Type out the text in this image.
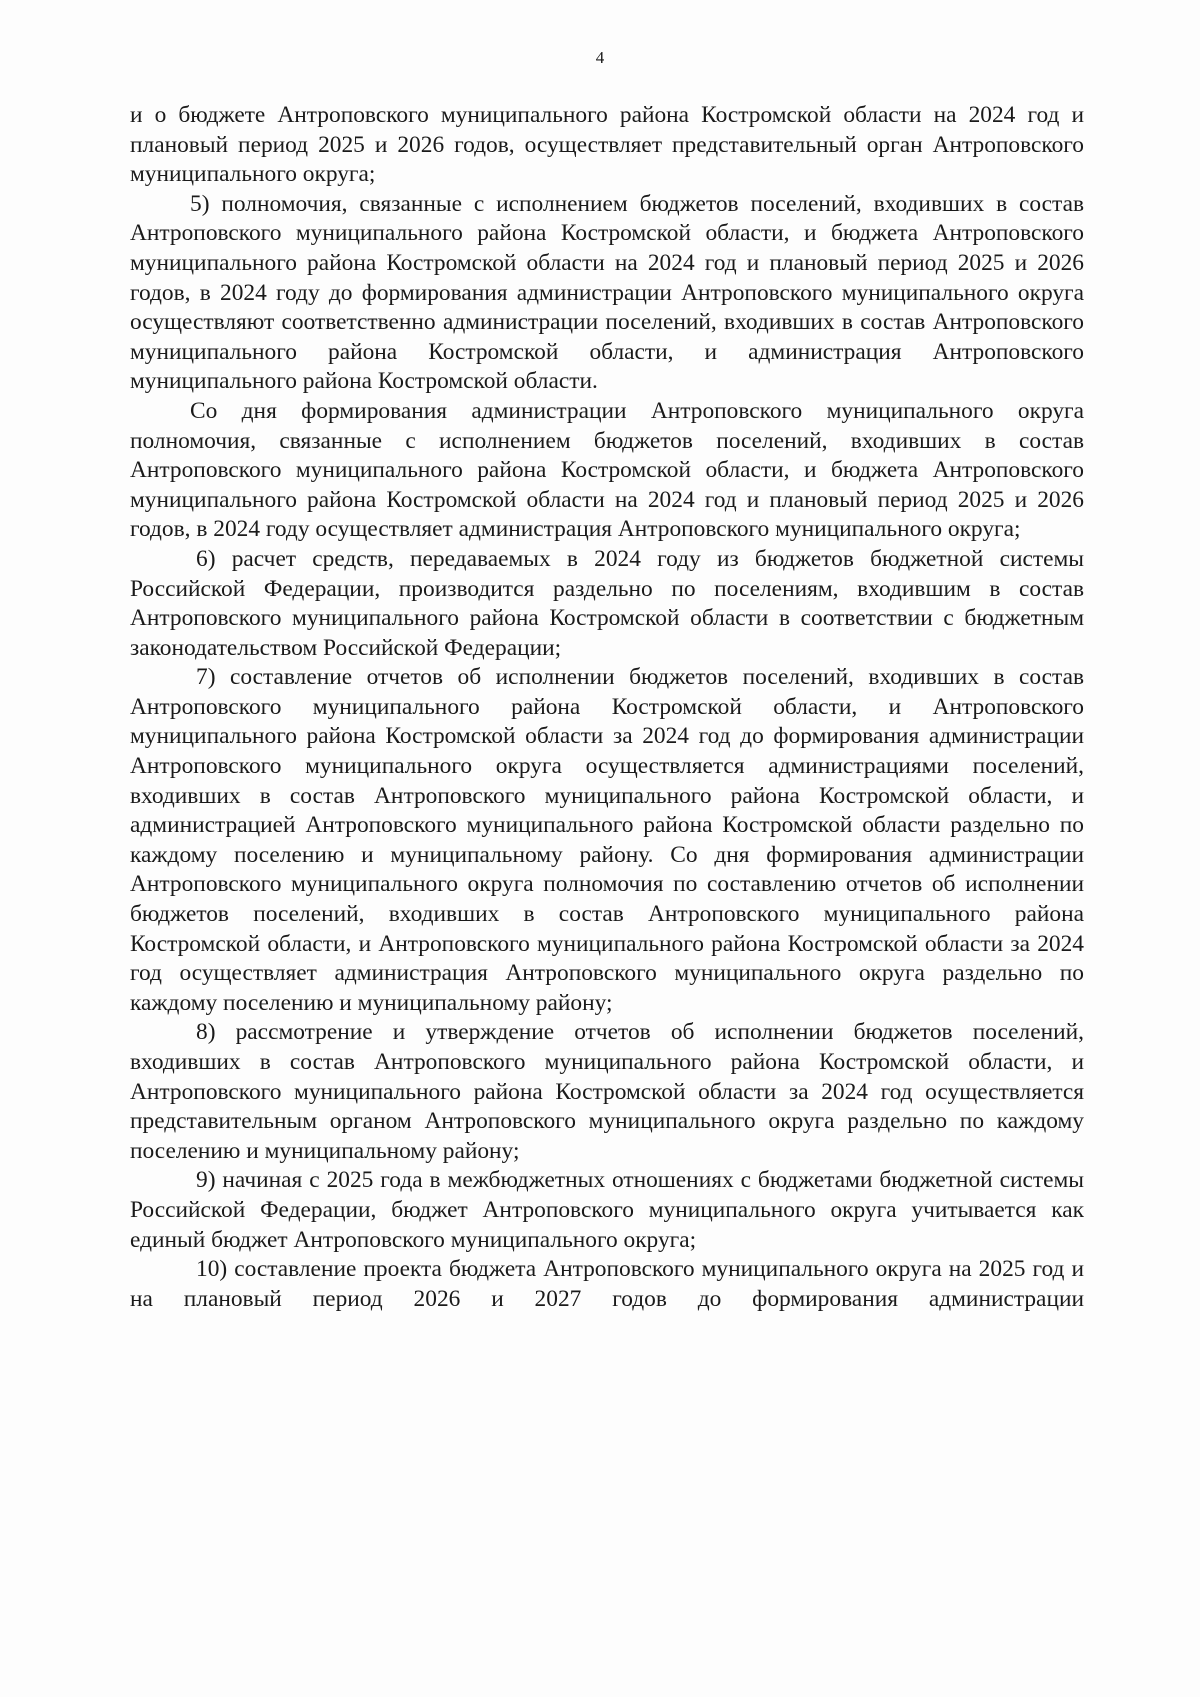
4

и о бюджете Антроповского муниципального района Костромской области на 2024 год и плановый период 2025 и 2026 годов, осуществляет представительный орган Антроповского муниципального округа;

5) полномочия, связанные с исполнением бюджетов поселений, входивших в состав Антроповского муниципального района Костромской области, и бюджета Антроповского муниципального района Костромской области на 2024 год и плановый период 2025 и 2026 годов, в 2024 году до формирования администрации Антроповского муниципального округа осуществляют соответственно администрации поселений, входивших в состав Антроповского муниципального района Костромской области, и администрация Антроповского муниципального района Костромской области.

Со дня формирования администрации Антроповского муниципального округа полномочия, связанные с исполнением бюджетов поселений, входивших в состав Антроповского муниципального района Костромской области, и бюджета Антроповского муниципального района Костромской области на 2024 год и плановый период 2025 и 2026 годов, в 2024 году осуществляет администрация Антроповского муниципального округа;

6) расчет средств, передаваемых в 2024 году из бюджетов бюджетной системы Российской Федерации, производится раздельно по поселениям, входившим в состав Антроповского муниципального района Костромской области в соответствии с бюджетным законодательством Российской Федерации;

7) составление отчетов об исполнении бюджетов поселений, входивших в состав Антроповского муниципального района Костромской области, и Антроповского муниципального района Костромской области за 2024 год до формирования администрации Антроповского муниципального округа осуществляется администрациями поселений, входивших в состав Антроповского муниципального района Костромской области, и администрацией Антроповского муниципального района Костромской области раздельно по каждому поселению и муниципальному району. Со дня формирования администрации Антроповского муниципального округа полномочия по составлению отчетов об исполнении бюджетов поселений, входивших в состав Антроповского муниципального района Костромской области, и Антроповского муниципального района Костромской области за 2024 год осуществляет администрация Антроповского муниципального округа раздельно по каждому поселению и муниципальному району;

8) рассмотрение и утверждение отчетов об исполнении бюджетов поселений, входивших в состав Антроповского муниципального района Костромской области, и Антроповского муниципального района Костромской области за 2024 год осуществляется представительным органом Антроповского муниципального округа раздельно по каждому поселению и муниципальному району;

9) начиная с 2025 года в межбюджетных отношениях с бюджетами бюджетной системы Российской Федерации, бюджет Антроповского муниципального округа учитывается как единый бюджет Антроповского муниципального округа;

10) составление проекта бюджета Антроповского муниципального округа на 2025 год и на плановый период 2026 и 2027 годов до формирования администрации
